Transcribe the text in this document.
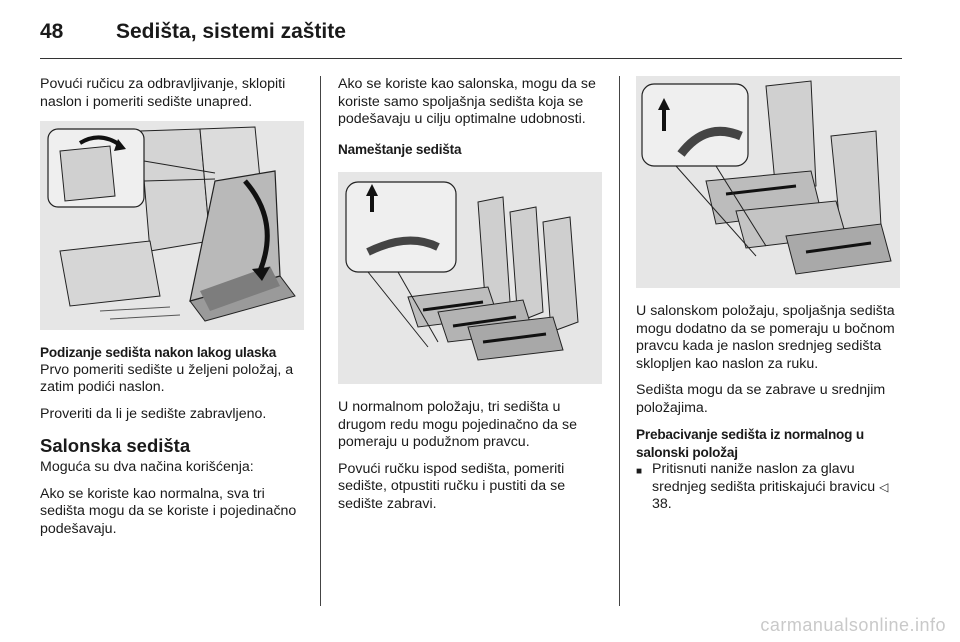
48	Sedišta, sistemi zaštite

Povući ručicu za odbravljivanje, sklopiti naslon i pomeriti sedište unapred.

Podizanje sedišta nakon lakog ulaska

Prvo pomeriti sedište u željeni položaj, a zatim podići naslon.

Proveriti da li je sedište zabravljeno.

Salonska sedišta

Moguća su dva načina korišćenja:

Ako se koriste kao normalna, sva tri sedišta mogu da se koriste i pojedinačno podešavaju.

Ako se koriste kao salonska, mogu da se koriste samo spoljašnja sedišta koja se podešavaju u cilju optimalne udobnosti.

Nameštanje sedišta

U normalnom položaju, tri sedišta u drugom redu mogu pojedinačno da se pomeraju u podužnom pravcu.

Povući ručku ispod sedišta, pomeriti sedište, otpustiti ručku i pustiti da se sedište zabravi.

U salonskom položaju, spoljašnja sedišta mogu dodatno da se pomeraju u bočnom pravcu kada je naslon srednjeg sedišta sklopljen kao naslon za ruku.

Sedišta mogu da se zabrave u srednjim položajima.

Prebacivanje sedišta iz normalnog u salonski položaj

■ Pritisnuti naniže naslon za glavu srednjeg sedišta pritiskajući bravicu ◁ 38.
carmanualsonline.info
